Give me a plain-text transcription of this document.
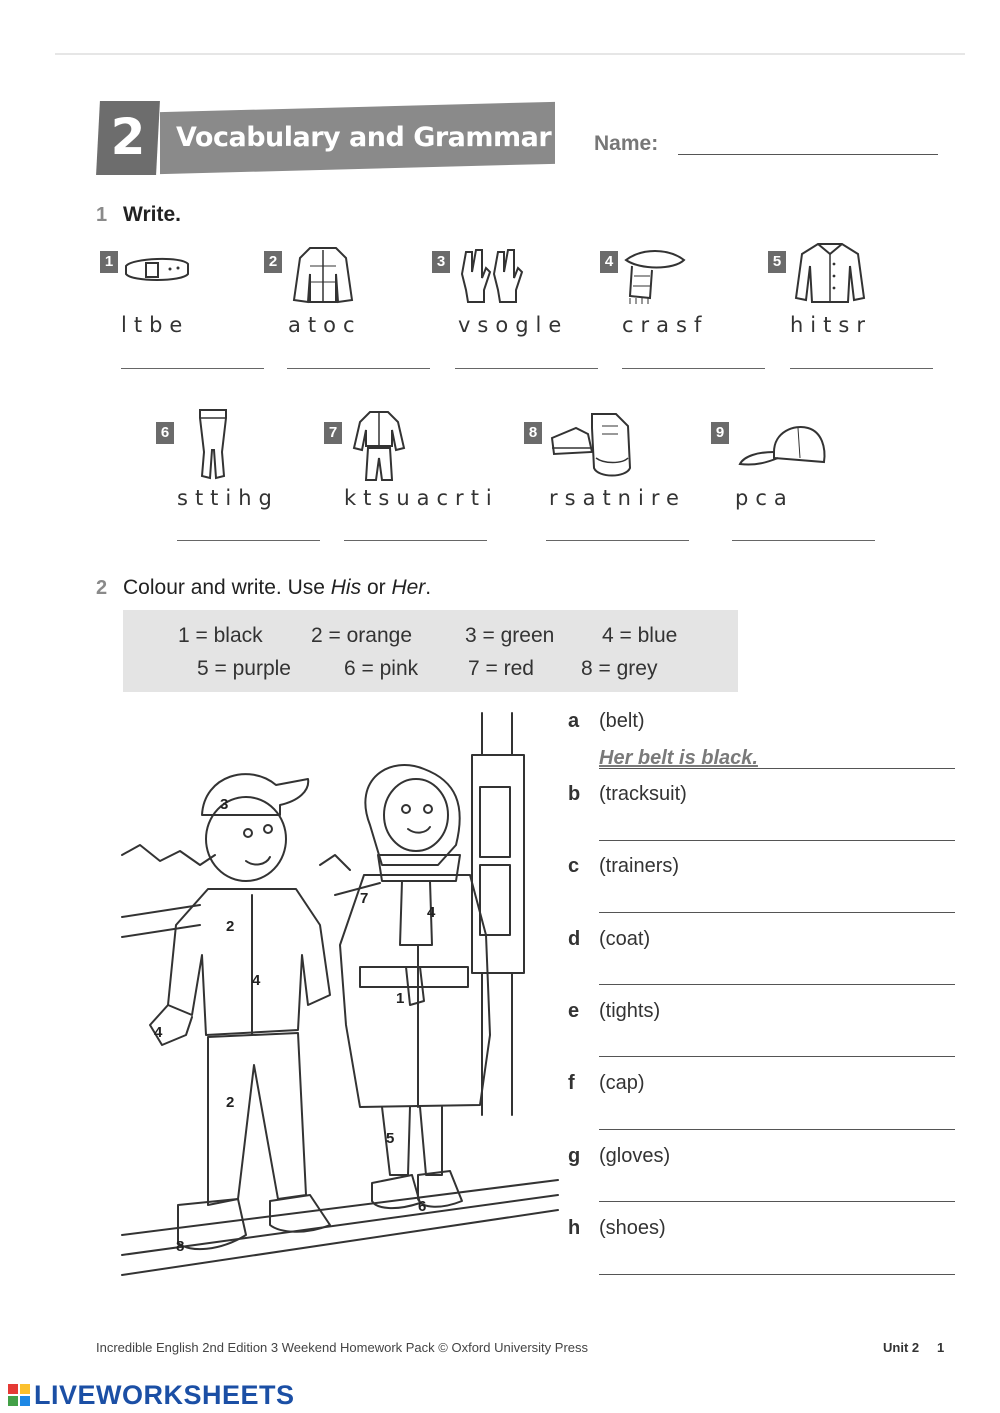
2	Vocabulary and Grammar Name:
1 Write.
1
ltbe
2
atoc
3
vsogle
4
crasf
5
hitsr
6
sttihg
7
ktsuacrti
8
rsatnire
9
pca
2 Colour and write. Use His or Her.
1 = black 2 = orange	3 = green 4 = blue
5 = purple	6 = pink 7 = red 8 = grey
3
2
4
4
2
7
4
1
5
6
8
a (belt)
Her belt is black.
b (tracksuit)
c (trainers)
d (coat)
e (tights)
f (cap)
g (gloves)
h (shoes)
Incredible English 2nd Edition 3 Weekend Homework Pack © Oxford University Press	Unit 2 1
LIVEWORKSHEETS
